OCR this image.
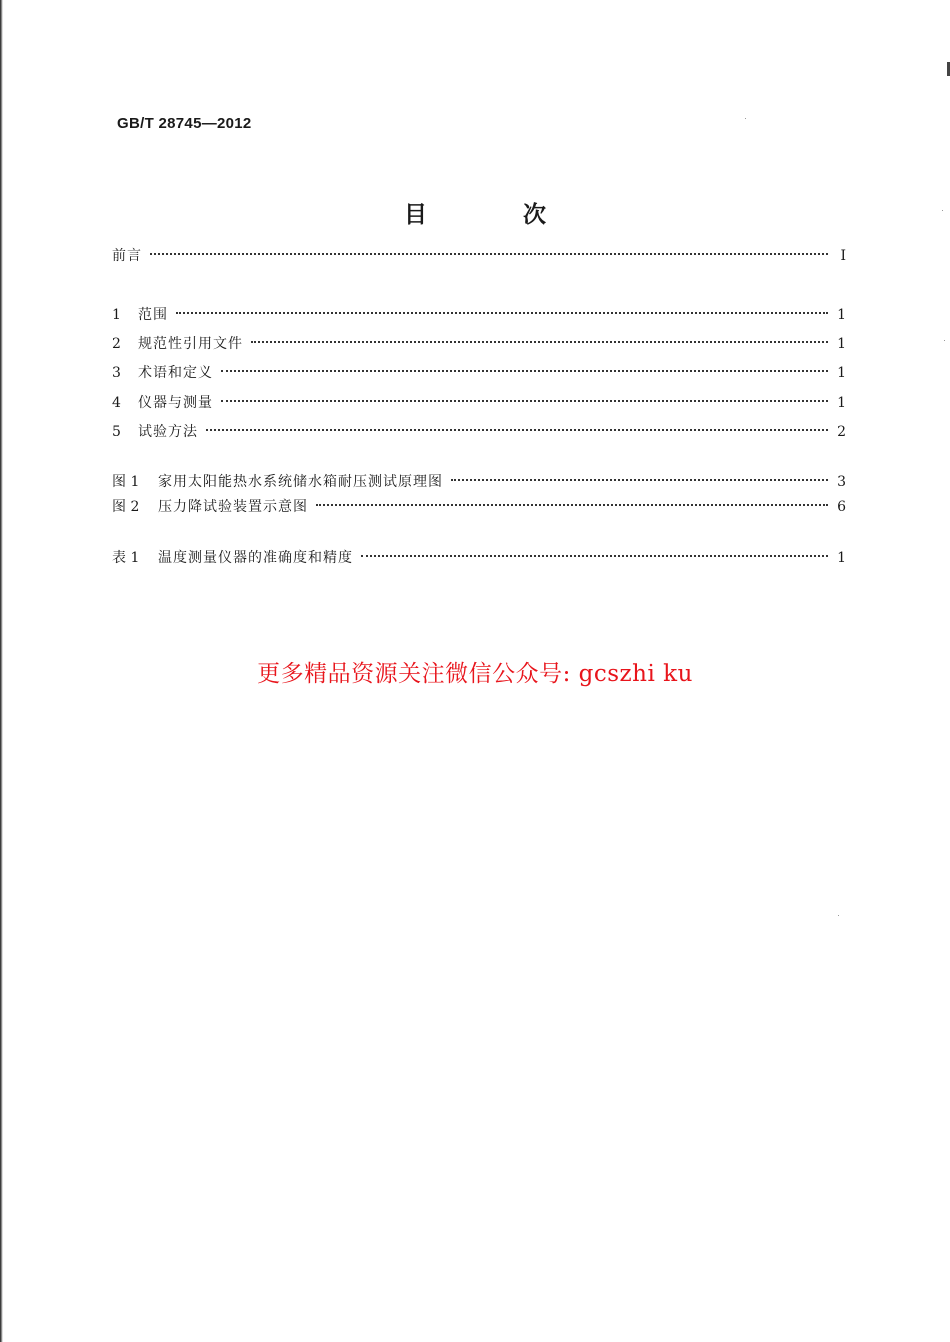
GB/T 28745—2012
目 次
前言	Ⅰ
1	范围	1
2	规范性引用文件	1
3	术语和定义	1
4	仪器与测量	1
5	试验方法	2
图 1	家用太阳能热水系统储水箱耐压测试原理图	3
图 2	压力降试验装置示意图	6
表 1	温度测量仪器的准确度和精度	1
更多精品资源关注微信公众号: gcszhi ku
